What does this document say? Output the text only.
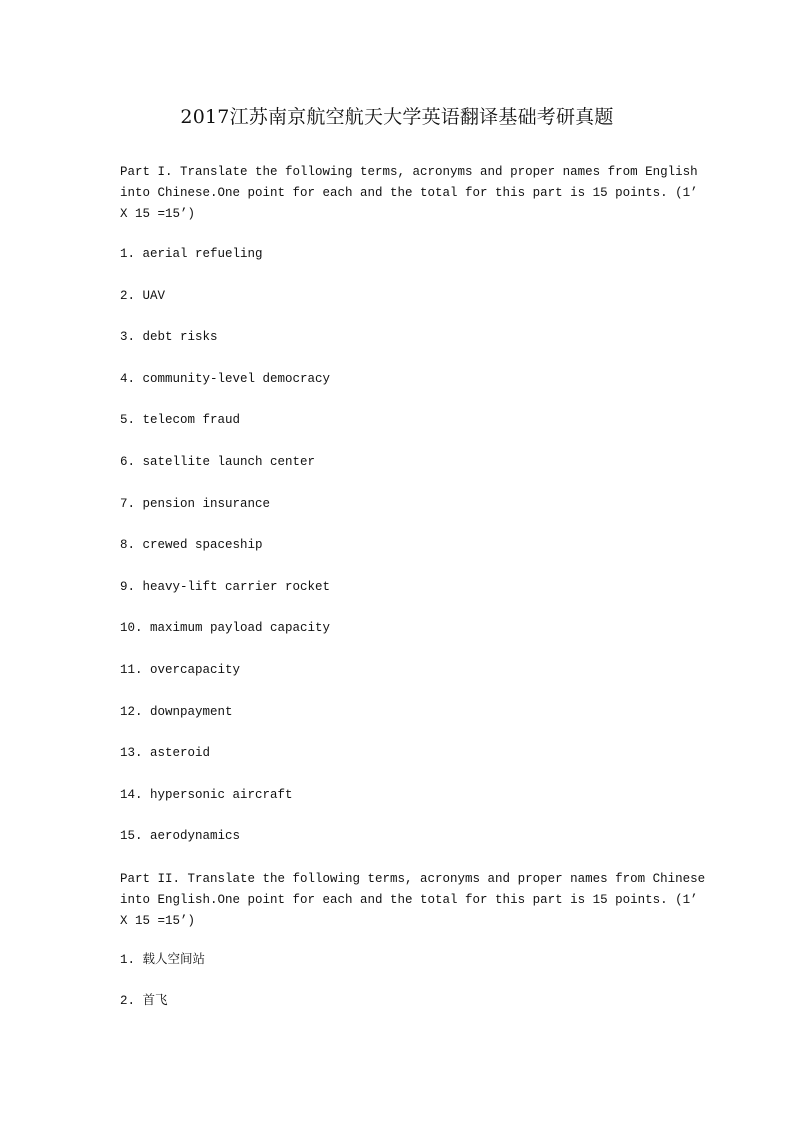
2017江苏南京航空航天大学英语翻译基础考研真题
Part I. Translate the following terms, acronyms and proper names from English
into Chinese.One point for each and the total for this part is 15 points. (1’
X 15 =15’)

1. aerial refueling

2. UAV

3. debt risks

4. community-level democracy

5. telecom fraud

6. satellite launch center

7. pension insurance

8. crewed spaceship

9. heavy-lift carrier rocket

10. maximum payload capacity

11. overcapacity

12. downpayment

13. asteroid

14. hypersonic aircraft

15. aerodynamics

Part II. Translate the following terms, acronyms and proper names from Chinese
into English.One point for each and the total for this part is 15 points. (1’
X 15 =15’)

1. 载人空间站

2. 首飞
